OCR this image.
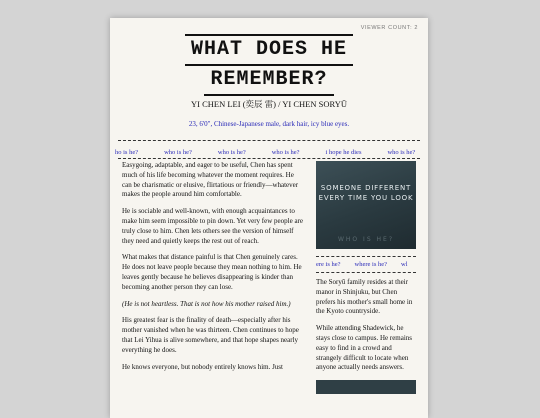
VIEWER COUNT: 2
WHAT DOES HE
REMEMBER?
YI CHEN LEI (奕辰 雷) / YI CHEN SORYŪ
23, 6'0", Chinese-Japanese male, dark hair, icy blue eyes.
ho is he?	who is he?	who is he?	who is he?	i hope he dies	who is he?

Easygoing, adaptable, and eager to be useful, Chen has spent much of his life becoming whatever the moment requires. He can be charismatic or elusive, flirtatious or friendly—whatever makes the people around him comfortable.

He is sociable and well-known, with enough acquaintances to make him seem impossible to pin down. Yet very few people are truly close to him. Chen lets others see the version of himself they need and quietly keeps the rest out of reach.

What makes that distance painful is that Chen genuinely cares. He does not leave people because they mean nothing to him. He leaves gently because he believes disappearing is kinder than becoming another person they can lose.

(He is not heartless. That is not how his mother raised him.)

His greatest fear is the finality of death—especially after his mother vanished when he was thirteen. Chen continues to hope that Lei Yihua is alive somewhere, and that hope shapes nearly everything he does.

He knows everyone, but nobody entirely knows him. Just

SOMEONE DIFFERENT EVERY TIME YOU LOOK
WHO IS HE?
ere is he? where is he? wl

The Soryū family resides at their manor in Shinjuku, but Chen prefers his mother's small home in the Kyoto countryside.

While attending Shadewick, he stays close to campus. He remains easy to find in a crowd and strangely difficult to locate when anyone actually needs answers.
